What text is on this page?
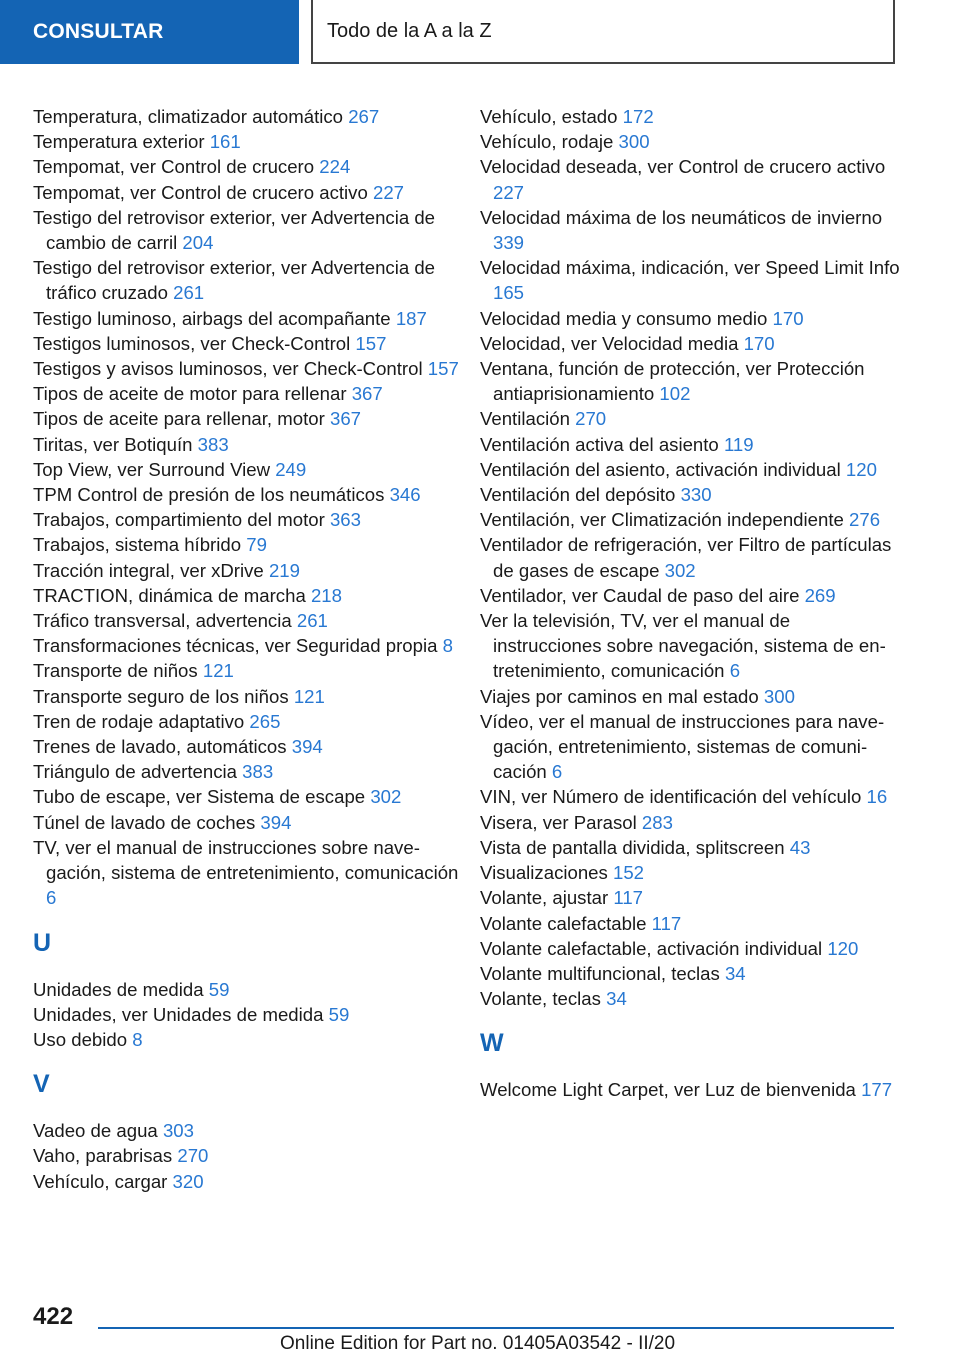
CONSULTAR	Todo de la A a la Z

Temperatura, climatizador automático 267

Temperatura exterior 161

Tempomat, ver Control de crucero 224

Tempomat, ver Control de crucero activo 227

Testigo del retrovisor exterior, ver Advertencia de cambio de carril 204

Testigo del retrovisor exterior, ver Advertencia de tráfico cruzado 261

Testigo luminoso, airbags del acompañante 187

Testigos luminosos, ver Check-Control 157

Testigos y avisos luminosos, ver Check-Control 157

Tipos de aceite de motor para rellenar 367

Tipos de aceite para rellenar, motor 367

Tiritas, ver Botiquín 383

Top View, ver Surround View 249

TPM Control de presión de los neumáticos 346

Trabajos, compartimiento del motor 363

Trabajos, sistema híbrido 79

Tracción integral, ver xDrive 219

TRACTION, dinámica de marcha 218

Tráfico transversal, advertencia 261

Transformaciones técnicas, ver Seguridad propia 8

Transporte de niños 121

Transporte seguro de los niños 121

Tren de rodaje adaptativo 265

Trenes de lavado, automáticos 394

Triángulo de advertencia 383

Tubo de escape, ver Sistema de escape 302

Túnel de lavado de coches 394

TV, ver el manual de instrucciones sobre navegación, sistema de entretenimiento, comunicación 6

U

Unidades de medida 59

Unidades, ver Unidades de medida 59

Uso debido 8

V

Vadeo de agua 303

Vaho, parabrisas 270

Vehículo, cargar 320

Vehículo, estado 172

Vehículo, rodaje 300

Velocidad deseada, ver Control de crucero activo 227

Velocidad máxima de los neumáticos de invierno 339

Velocidad máxima, indicación, ver Speed Limit Info 165

Velocidad media y consumo medio 170

Velocidad, ver Velocidad media 170

Ventana, función de protección, ver Protección antiaprisionamiento 102

Ventilación 270

Ventilación activa del asiento 119

Ventilación del asiento, activación individual 120

Ventilación del depósito 330

Ventilación, ver Climatización independiente 276

Ventilador de refrigeración, ver Filtro de partículas de gases de escape 302

Ventilador, ver Caudal de paso del aire 269

Ver la televisión, TV, ver el manual de instrucciones sobre navegación, sistema de entretenimiento, comunicación 6

Viajes por caminos en mal estado 300

Vídeo, ver el manual de instrucciones para navegación, entretenimiento, sistemas de comunicación 6

VIN, ver Número de identificación del vehículo 16

Visera, ver Parasol 283

Vista de pantalla dividida, splitscreen 43

Visualizaciones 152

Volante, ajustar 117

Volante calefactable 117

Volante calefactable, activación individual 120

Volante multifuncional, teclas 34

Volante, teclas 34

W

Welcome Light Carpet, ver Luz de bienvenida 177

422
Online Edition for Part no. 01405A03542 - II/20
